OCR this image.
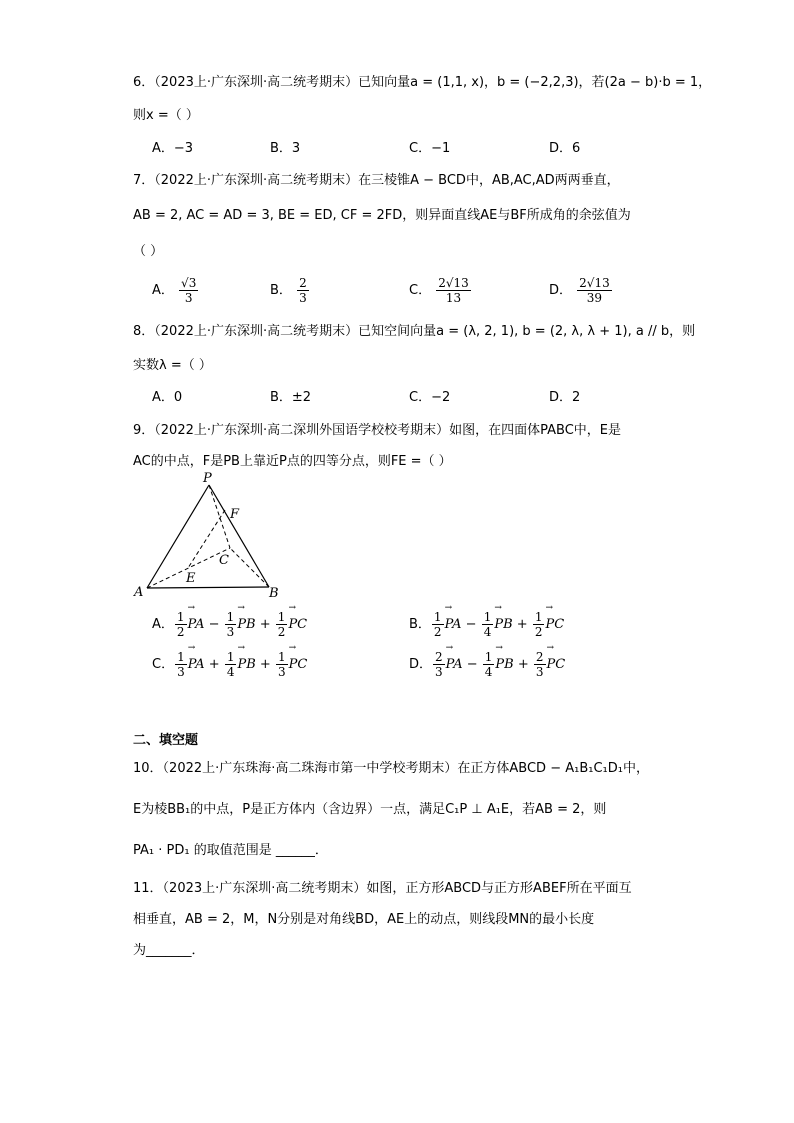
6．（2023上·广东深圳·高二统考期末）已知向量a = (1,1, x)，b = (−2,2,3)，若(2a − b)·b = 1，
则x =（ ）
A．−3	B．3	C．−1	D．6
7．（2022上·广东深圳·高二统考期末）在三棱锥A − BCD中，AB,AC,AD两两垂直，
AB = 2, AC = AD = 3, BE = ED, CF = 2FD，则异面直线AE与BF所成角的余弦值为
（ ）
A． $\frac{√3}{3}$	B． $\frac{2}{3}$	C． $\frac{2√13}{13}$	D． $\frac{2√13}{39}$
8．（2022上·广东深圳·高二统考期末）已知空间向量a = (λ, 2, 1), b = (2, λ, λ + 1), a // b，则
实数λ =（ ）
A．0	B．±2	C．−2	D．2
9．（2022上·广东深圳·高二深圳外国语学校校考期末）如图，在四面体PABC中，E是
AC的中点，F是PB上靠近P点的四等分点，则FE =（ ）
P
F
C
E
A	B
A． $\frac{1}{2}$ → PA − $\frac{1}{3}$ → PB + $\frac{1}{2}$ → PC	B． $\frac{1}{2}$ → PA − $\frac{1}{4}$ → PB + $\frac{1}{2}$ → PC
C． $\frac{1}{3}$ → PA + $\frac{1}{4}$ → PB + $\frac{1}{3}$ → PC	D． $\frac{2}{3}$ → PA − $\frac{1}{4}$ → PB + $\frac{2}{3}$ → PC
二、填空题
10．（2022上·广东珠海·高二珠海市第一中学校考期末）在正方体ABCD − A₁B₁C₁D₁中，
E为棱BB₁的中点，P是正方体内（含边界）一点，满足C₁P ⊥ A₁E，若AB = 2，则
PA₁ · PD₁ 的取值范围是 ______．
11．（2023上·广东深圳·高二统考期末）如图，正方形ABCD与正方形ABEF所在平面互
相垂直，AB = 2，M，N分别是对角线BD，AE上的动点，则线段MN的最小长度
为_______．
